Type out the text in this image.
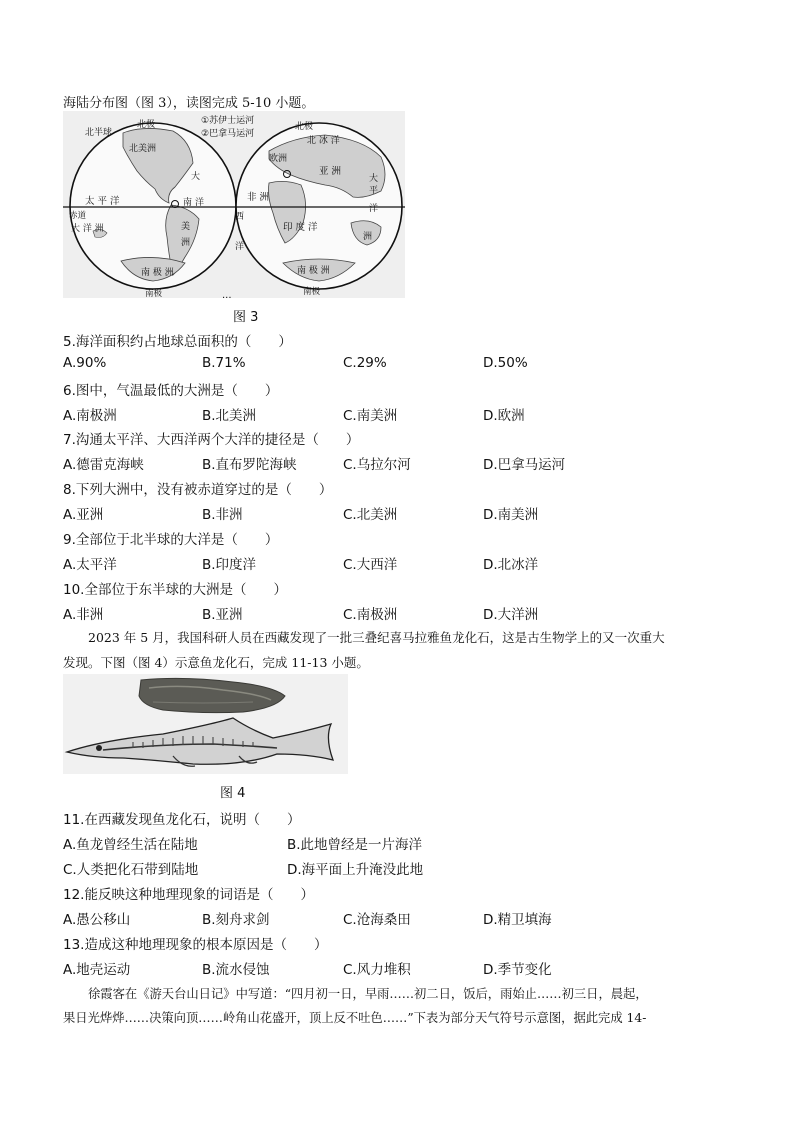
海陆分布图（图 3），读图完成 5-10 小题。
①苏伊士运河
②巴拿马运河
北半球
北极
北美洲
大
太 平 洋	洋
赤道
大 洋 洲
南
美
洲
南 极 洲
南极
北极
北 冰 洋
欧洲
亚 洲
非 洲
印 度 洋
大
平
洋
西
洋
洲
南 极 洲
南极
···
图 3
5.海洋面积约占地球总面积的（　　）
A.90%	B.71%	C.29%	D.50%
6.图中，气温最低的大洲是（　　）
A.南极洲	B.北美洲	C.南美洲	D.欧洲
7.沟通太平洋、大西洋两个大洋的捷径是（　　）
A.德雷克海峡	B.直布罗陀海峡	C.乌拉尔河	D.巴拿马运河
8.下列大洲中，没有被赤道穿过的是（　　）
A.亚洲	B.非洲	C.北美洲	D.南美洲
9.全部位于北半球的大洋是（　　）
A.太平洋	B.印度洋	C.大西洋	D.北冰洋
10.全部位于东半球的大洲是（　　）
A.非洲	B.亚洲	C.南极洲	D.大洋洲
2023 年 5 月，我国科研人员在西藏发现了一批三叠纪喜马拉雅鱼龙化石，这是古生物学上的又一次重大
发现。下图（图 4）示意鱼龙化石，完成 11-13 小题。
图 4
11.在西藏发现鱼龙化石，说明（　　）
A.鱼龙曾经生活在陆地	B.此地曾经是一片海洋
C.人类把化石带到陆地	D.海平面上升淹没此地
12.能反映这种地理现象的词语是（　　）
A.愚公移山	B.刻舟求剑	C.沧海桑田	D.精卫填海
13.造成这种地理现象的根本原因是（　　）
A.地壳运动	B.流水侵蚀	C.风力堆积	D.季节变化
徐霞客在《游天台山日记》中写道：“四月初一日，早雨……初二日，饭后，雨始止……初三日，晨起，
果日光烨烨……决策向顶……岭角山花盛开，顶上反不吐色……”下表为部分天气符号示意图，据此完成 14-
